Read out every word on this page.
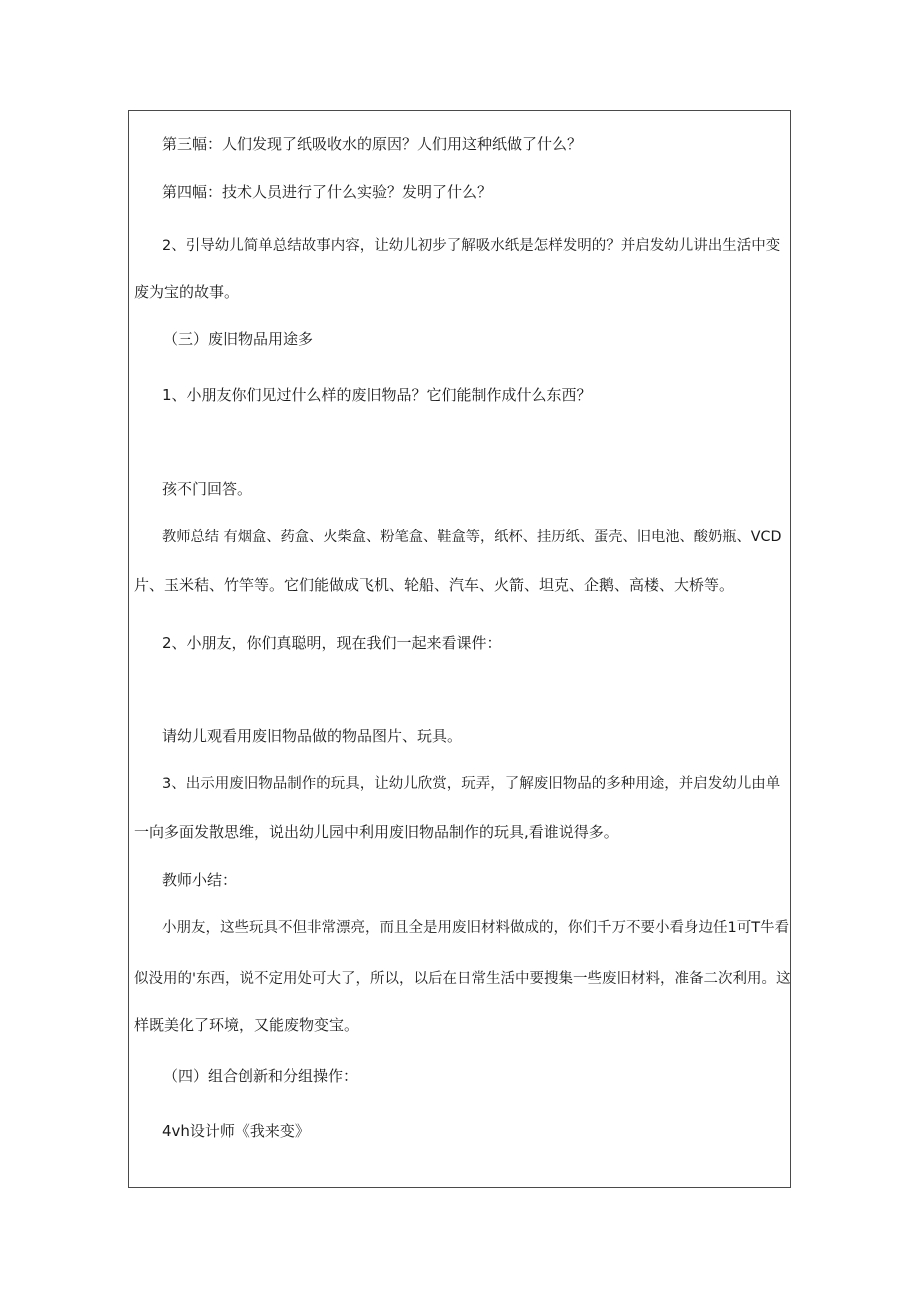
第三幅：人们发现了纸吸收水的原因？人们用这种纸做了什么？

第四幅：技术人员进行了什么实验？发明了什么？

2、引导幼儿简单总结故事内容，让幼儿初步了解吸水纸是怎样发明的？并启发幼儿讲出生活中变

废为宝的故事。

（三）废旧物品用途多

1、小朋友你们见过什么样的废旧物品？它们能制作成什么东西？

孩不门回答。

教师总结 有烟盒、药盒、火柴盒、粉笔盒、鞋盒等，纸杯、挂历纸、蛋壳、旧电池、酸奶瓶、VCD

片、玉米秸、竹竿等。它们能做成飞机、轮船、汽车、火箭、坦克、企鹅、高楼、大桥等。

2、小朋友，你们真聪明，现在我们一起来看课件：

请幼儿观看用废旧物品做的物品图片、玩具。

3、出示用废旧物品制作的玩具，让幼儿欣赏，玩弄，了解废旧物品的多种用途，并启发幼儿由单

一向多面发散思维，说出幼儿园中利用废旧物品制作的玩具,看谁说得多。

教师小结：

小朋友，这些玩具不但非常漂亮，而且全是用废旧材料做成的，你们千万不要小看身边任1可T牛看

似没用的'东西，说不定用处可大了，所以，以后在日常生活中要搜集一些废旧材料，准备二次利用。这

样既美化了环境，又能废物变宝。

（四）组合创新和分组操作：

4vh设计师《我来变》
